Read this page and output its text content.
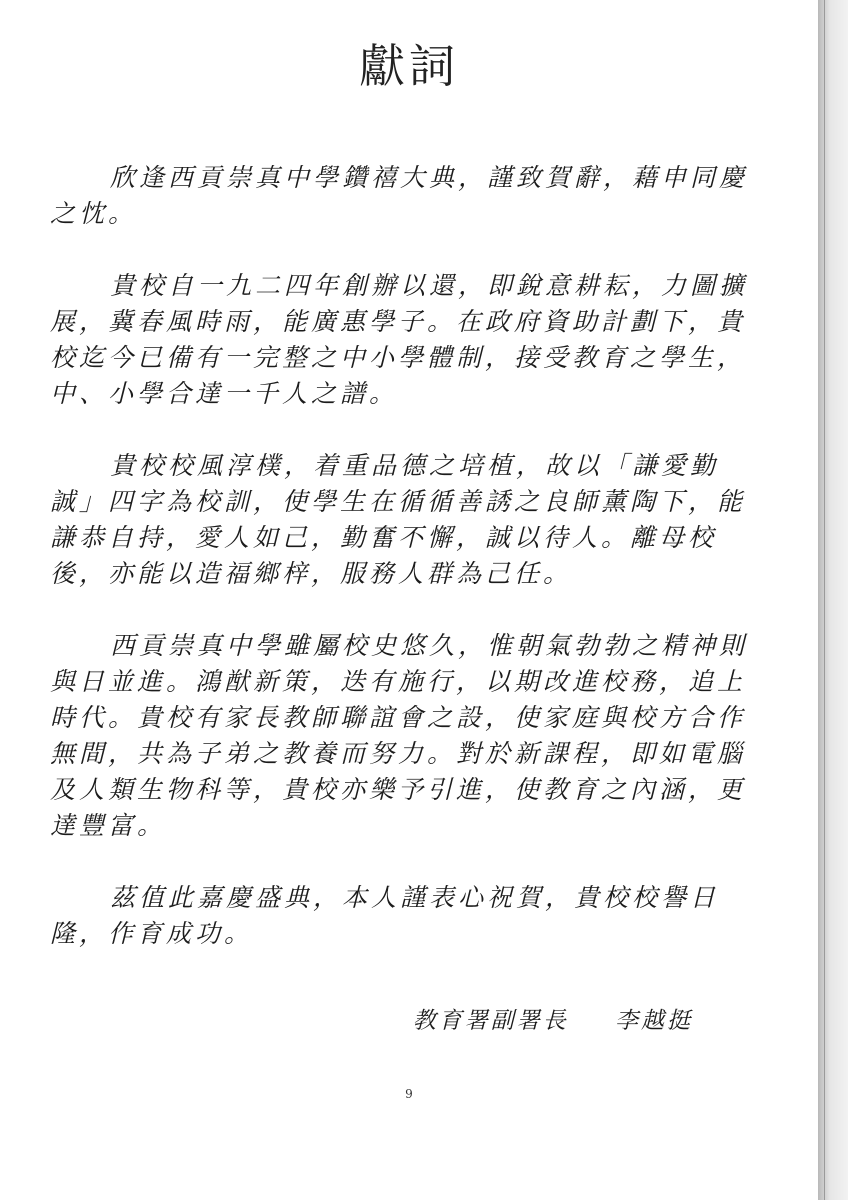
獻詞

欣逢西貢崇真中學鑽禧大典，謹致賀辭，藉申同慶之忱。

貴校自一九二四年創辦以還，即銳意耕耘，力圖擴展，冀春風時雨，能廣惠學子。在政府資助計劃下，貴校迄今已備有一完整之中小學體制，接受教育之學生，中、小學合達一千人之譜。

貴校校風淳樸，着重品德之培植，故以「謙愛勤誠」四字為校訓，使學生在循循善誘之良師薰陶下，能謙恭自持，愛人如己，勤奮不懈，誠以待人。離母校後，亦能以造福鄉梓，服務人群為己任。

西貢崇真中學雖屬校史悠久，惟朝氣勃勃之精神則與日並進。鴻猷新策，迭有施行，以期改進校務，追上時代。貴校有家長教師聯誼會之設，使家庭與校方合作無間，共為子弟之教養而努力。對於新課程，即如電腦及人類生物科等，貴校亦樂予引進，使教育之內涵，更達豐富。

茲值此嘉慶盛典，本人謹表心祝賀，貴校校譽日隆，作育成功。

教育署副署長 李越挺
9
